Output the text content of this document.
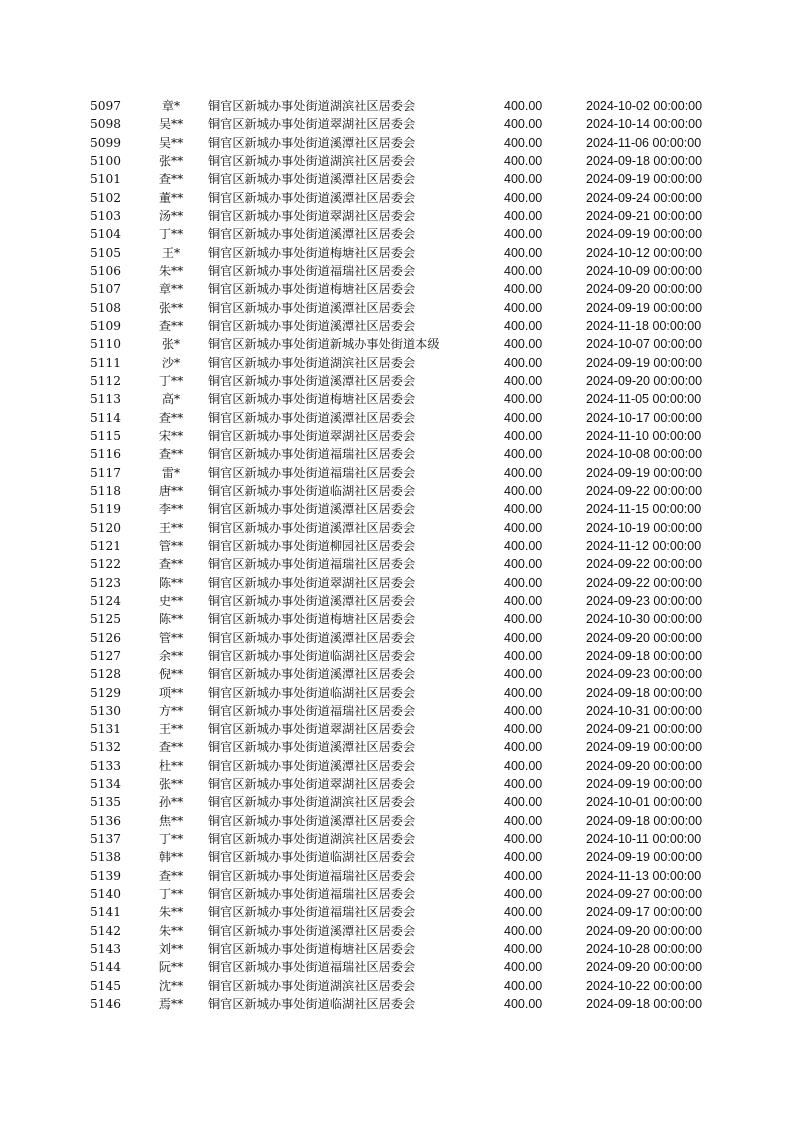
5097	章*	铜官区新城办事处街道湖滨社区居委会	400.00	2024-10-02 00:00:00
5098	吴**	铜官区新城办事处街道翠湖社区居委会	400.00	2024-10-14 00:00:00
5099	吴**	铜官区新城办事处街道溪潭社区居委会	400.00	2024-11-06 00:00:00
5100	张**	铜官区新城办事处街道湖滨社区居委会	400.00	2024-09-18 00:00:00
5101	查**	铜官区新城办事处街道溪潭社区居委会	400.00	2024-09-19 00:00:00
5102	董**	铜官区新城办事处街道溪潭社区居委会	400.00	2024-09-24 00:00:00
5103	汤**	铜官区新城办事处街道翠湖社区居委会	400.00	2024-09-21 00:00:00
5104	丁**	铜官区新城办事处街道溪潭社区居委会	400.00	2024-09-19 00:00:00
5105	王*	铜官区新城办事处街道梅塘社区居委会	400.00	2024-10-12 00:00:00
5106	朱**	铜官区新城办事处街道福瑞社区居委会	400.00	2024-10-09 00:00:00
5107	章**	铜官区新城办事处街道梅塘社区居委会	400.00	2024-09-20 00:00:00
5108	张**	铜官区新城办事处街道溪潭社区居委会	400.00	2024-09-19 00:00:00
5109	查**	铜官区新城办事处街道溪潭社区居委会	400.00	2024-11-18 00:00:00
5110	张*	铜官区新城办事处街道新城办事处街道本级	400.00	2024-10-07 00:00:00
5111	沙*	铜官区新城办事处街道湖滨社区居委会	400.00	2024-09-19 00:00:00
5112	丁**	铜官区新城办事处街道溪潭社区居委会	400.00	2024-09-20 00:00:00
5113	高*	铜官区新城办事处街道梅塘社区居委会	400.00	2024-11-05 00:00:00
5114	查**	铜官区新城办事处街道溪潭社区居委会	400.00	2024-10-17 00:00:00
5115	宋**	铜官区新城办事处街道翠湖社区居委会	400.00	2024-11-10 00:00:00
5116	查**	铜官区新城办事处街道福瑞社区居委会	400.00	2024-10-08 00:00:00
5117	雷*	铜官区新城办事处街道福瑞社区居委会	400.00	2024-09-19 00:00:00
5118	唐**	铜官区新城办事处街道临湖社区居委会	400.00	2024-09-22 00:00:00
5119	李**	铜官区新城办事处街道溪潭社区居委会	400.00	2024-11-15 00:00:00
5120	王**	铜官区新城办事处街道溪潭社区居委会	400.00	2024-10-19 00:00:00
5121	管**	铜官区新城办事处街道柳园社区居委会	400.00	2024-11-12 00:00:00
5122	查**	铜官区新城办事处街道福瑞社区居委会	400.00	2024-09-22 00:00:00
5123	陈**	铜官区新城办事处街道翠湖社区居委会	400.00	2024-09-22 00:00:00
5124	史**	铜官区新城办事处街道溪潭社区居委会	400.00	2024-09-23 00:00:00
5125	陈**	铜官区新城办事处街道梅塘社区居委会	400.00	2024-10-30 00:00:00
5126	管**	铜官区新城办事处街道溪潭社区居委会	400.00	2024-09-20 00:00:00
5127	余**	铜官区新城办事处街道临湖社区居委会	400.00	2024-09-18 00:00:00
5128	倪**	铜官区新城办事处街道溪潭社区居委会	400.00	2024-09-23 00:00:00
5129	项**	铜官区新城办事处街道临湖社区居委会	400.00	2024-09-18 00:00:00
5130	方**	铜官区新城办事处街道福瑞社区居委会	400.00	2024-10-31 00:00:00
5131	王**	铜官区新城办事处街道翠湖社区居委会	400.00	2024-09-21 00:00:00
5132	查**	铜官区新城办事处街道溪潭社区居委会	400.00	2024-09-19 00:00:00
5133	杜**	铜官区新城办事处街道溪潭社区居委会	400.00	2024-09-20 00:00:00
5134	张**	铜官区新城办事处街道翠湖社区居委会	400.00	2024-09-19 00:00:00
5135	孙**	铜官区新城办事处街道湖滨社区居委会	400.00	2024-10-01 00:00:00
5136	焦**	铜官区新城办事处街道溪潭社区居委会	400.00	2024-09-18 00:00:00
5137	丁**	铜官区新城办事处街道湖滨社区居委会	400.00	2024-10-11 00:00:00
5138	韩**	铜官区新城办事处街道临湖社区居委会	400.00	2024-09-19 00:00:00
5139	查**	铜官区新城办事处街道福瑞社区居委会	400.00	2024-11-13 00:00:00
5140	丁**	铜官区新城办事处街道福瑞社区居委会	400.00	2024-09-27 00:00:00
5141	朱**	铜官区新城办事处街道福瑞社区居委会	400.00	2024-09-17 00:00:00
5142	朱**	铜官区新城办事处街道溪潭社区居委会	400.00	2024-09-20 00:00:00
5143	刘**	铜官区新城办事处街道梅塘社区居委会	400.00	2024-10-28 00:00:00
5144	阮**	铜官区新城办事处街道福瑞社区居委会	400.00	2024-09-20 00:00:00
5145	沈**	铜官区新城办事处街道湖滨社区居委会	400.00	2024-10-22 00:00:00
5146	焉**	铜官区新城办事处街道临湖社区居委会	400.00	2024-09-18 00:00:00
